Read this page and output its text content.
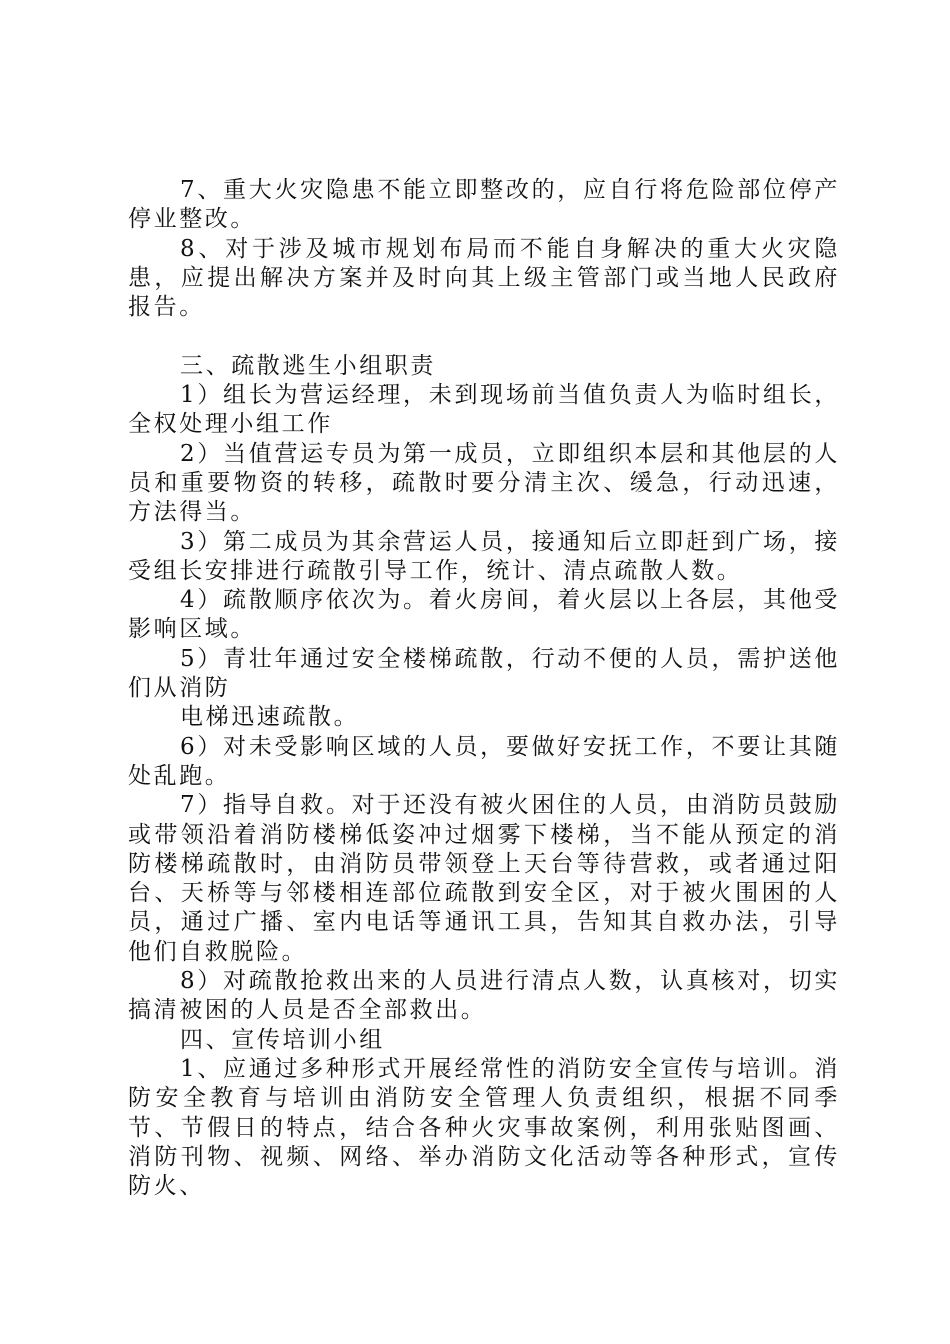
7、重大火灾隐患不能立即整改的，应自行将危险部位停产停业整改。

8、对于涉及城市规划布局而不能自身解决的重大火灾隐患，应提出解决方案并及时向其上级主管部门或当地人民政府报告。

三、疏散逃生小组职责

1）组长为营运经理，未到现场前当值负责人为临时组长，全权处理小组工作

2）当值营运专员为第一成员，立即组织本层和其他层的人员和重要物资的转移，疏散时要分清主次、缓急，行动迅速，方法得当。

3）第二成员为其余营运人员，接通知后立即赶到广场，接受组长安排进行疏散引导工作，统计、清点疏散人数。

4）疏散顺序依次为。着火房间，着火层以上各层，其他受影响区域。

5）青壮年通过安全楼梯疏散，行动不便的人员，需护送他们从消防

电梯迅速疏散。

6）对未受影响区域的人员，要做好安抚工作，不要让其随处乱跑。

7）指导自救。对于还没有被火困住的人员，由消防员鼓励或带领沿着消防楼梯低姿冲过烟雾下楼梯，当不能从预定的消防楼梯疏散时，由消防员带领登上天台等待营救，或者通过阳台、天桥等与邻楼相连部位疏散到安全区，对于被火围困的人员，通过广播、室内电话等通讯工具，告知其自救办法，引导他们自救脱险。

8）对疏散抢救出来的人员进行清点人数，认真核对，切实搞清被困的人员是否全部救出。

四、宣传培训小组

1、应通过多种形式开展经常性的消防安全宣传与培训。消防安全教育与培训由消防安全管理人负责组织，根据不同季节、节假日的特点，结合各种火灾事故案例，利用张贴图画、消防刊物、视频、网络、举办消防文化活动等各种形式，宣传防火、
